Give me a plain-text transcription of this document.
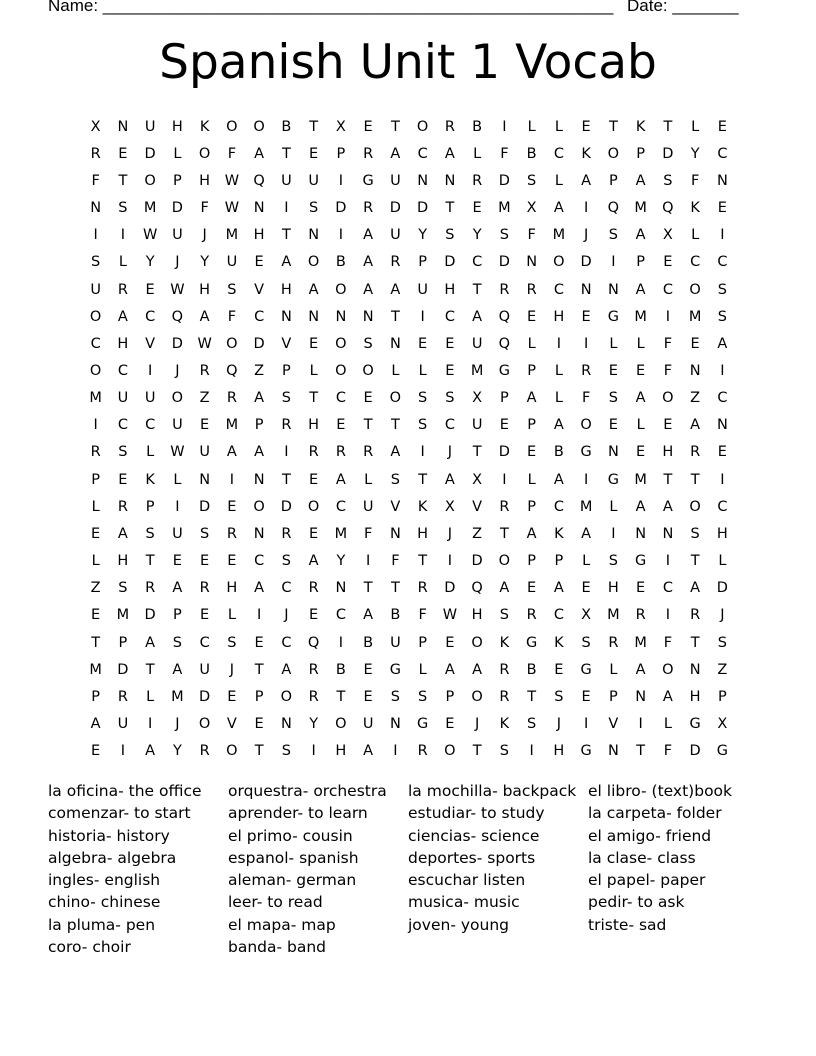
Name: ______________________________________________________ Date: _______
Spanish Unit 1 Vocab
X	N	U	H	K	O	O	B	T	X	E	T	O	R	B	I	L	L	E	T	K	T	L	E
R	E	D	L	O	F	A	T	E	P	R	A	C	A	L	F	B	C	K	O	P	D	Y	C
F	T	O	P	H	W Q	U	U	I	G	U	N	N	R	D	S	L	A	P	A	S	F	N
N	S	M	D	F	W	N	I	S	D	R	D	D	T	E	M	X	A	I	Q	M	Q	K	E
I	I	W	U	J	M	H	T	N	I	A	U	Y	S	Y	S	F	M	J	S	A	X	L	I
S	L	Y	J	Y	U	E	A	O	B	A	R	P	D	C	D	N	O	D	I	P	E	C	C
U	R	E	W	H	S	V	H	A	O	A	A	U	H	T	R	R	C	N	N	A	C	O	S
O	A	C	Q	A	F	C	N	N	N	N	T	I	C	A	Q	E	H	E	G	M	I	M	S
C	H	V	D	W O	D	V	E	O	S	N	E	E	U	Q	L	I	I	L	L	F	E	A
O	C	I	J	R	Q	Z	P	L	O	O	L	L	E	M	G	P	L	R	E	E	F	N	I
M	U	U	O	Z	R	A	S	T	C	E	O	S	S	X	P	A	L	F	S	A	O	Z	C
I	C	C	U	E	M	P	R	H	E	T	T	S	C	U	E	P	A	O	E	L	E	A	N
R	S	L	W	U	A	A	I	R	R	R	A	I	J	T	D	E	B	G	N	E	H	R	E
P	E	K	L	N	I	N	T	E	A	L	S	T	A	X	I	L	A	I	G	M	T	T	I
L	R	P	I	D	E	O	D	O	C	U	V	K	X	V	R	P	C	M	L	A	A	O	C
E	A	S	U	S	R	N	R	E	M	F	N	H	J	Z	T	A	K	A	I	N	N	S	H
L	H	T	E	E	E	C	S	A	Y	I	F	T	I	D	O	P	P	L	S	G	I	T	L
Z	S	R	A	R	H	A	C	R	N	T	T	R	D	Q	A	E	A	E	H	E	C	A	D
E	M	D	P	E	L	I	J	E	C	A	B	F	W	H	S	R	C	X	M	R	I	R	J
T	P	A	S	C	S	E	C	Q	I	B	U	P	E	O	K	G	K	S	R	M	F	T	S
M	D	T	A	U	J	T	A	R	B	E	G	L	A	A	R	B	E	G	L	A	O	N	Z
P	R	L	M	D	E	P	O	R	T	E	S	S	P	O	R	T	S	E	P	N	A	H	P
A	U	I	J	O	V	E	N	Y	O	U	N	G	E	J	K	S	J	I	V	I	L	G	X
E	I	A	Y	R	O	T	S	I	H	A	I	R	O	T	S	I	H	G	N	T	F	D	G
la oficina- the office
comenzar- to start
historia- history
algebra- algebra
ingles- english
chino- chinese
la pluma- pen
coro- choir
orquestra- orchestra
aprender- to learn
el primo- cousin
espanol- spanish
aleman- german
leer- to read
el mapa- map
banda- band
la mochilla- backpack
estudiar- to study
ciencias- science
deportes- sports
escuchar listen
musica- music
joven- young
el libro- (text)book
la carpeta- folder
el amigo- friend
la clase- class
el papel- paper
pedir- to ask
triste- sad
